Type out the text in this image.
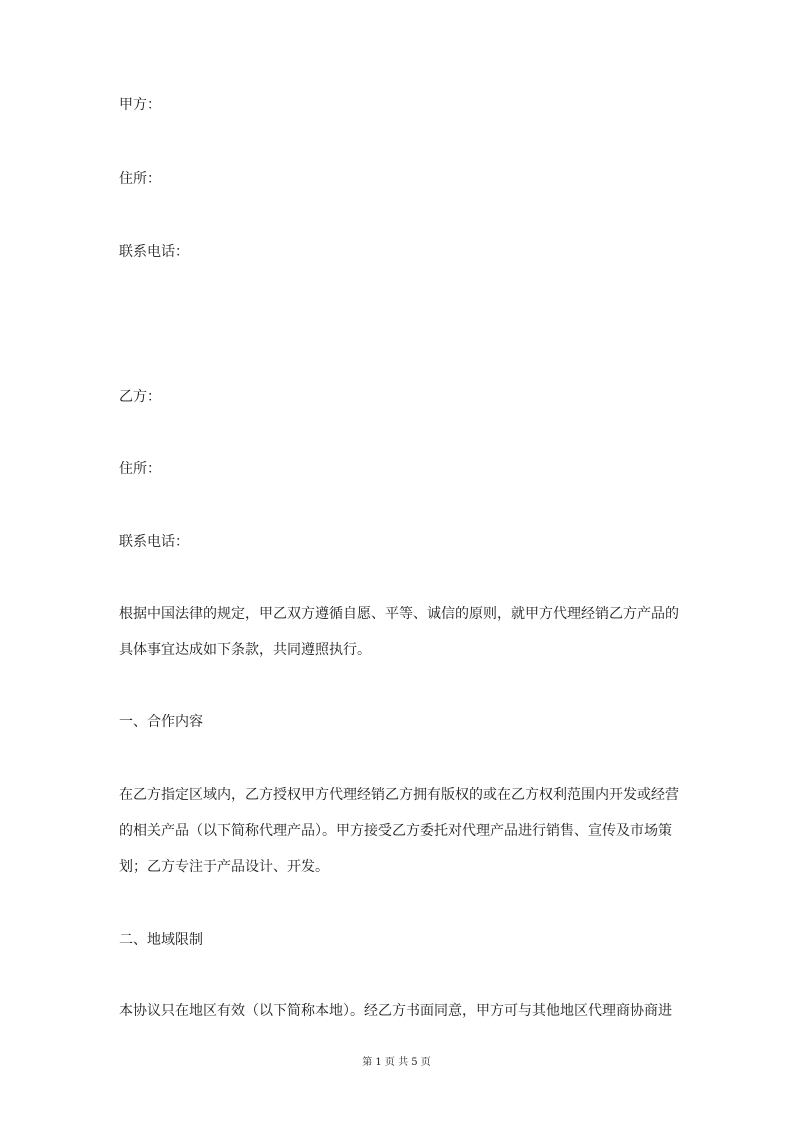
甲方：
住所：
联系电话：
乙方：
住所：
联系电话：
根据中国法律的规定，甲乙双方遵循自愿、平等、诚信的原则，就甲方代理经销乙方产品的
具体事宜达成如下条款，共同遵照执行。
一、合作内容
在乙方指定区域内，乙方授权甲方代理经销乙方拥有版权的或在乙方权利范围内开发或经营
的相关产品（以下简称代理产品）。甲方接受乙方委托对代理产品进行销售、宣传及市场策
划；乙方专注于产品设计、开发。
二、地域限制
本协议只在地区有效（以下简称本地）。经乙方书面同意，甲方可与其他地区代理商协商进
第 1 页 共 5 页
